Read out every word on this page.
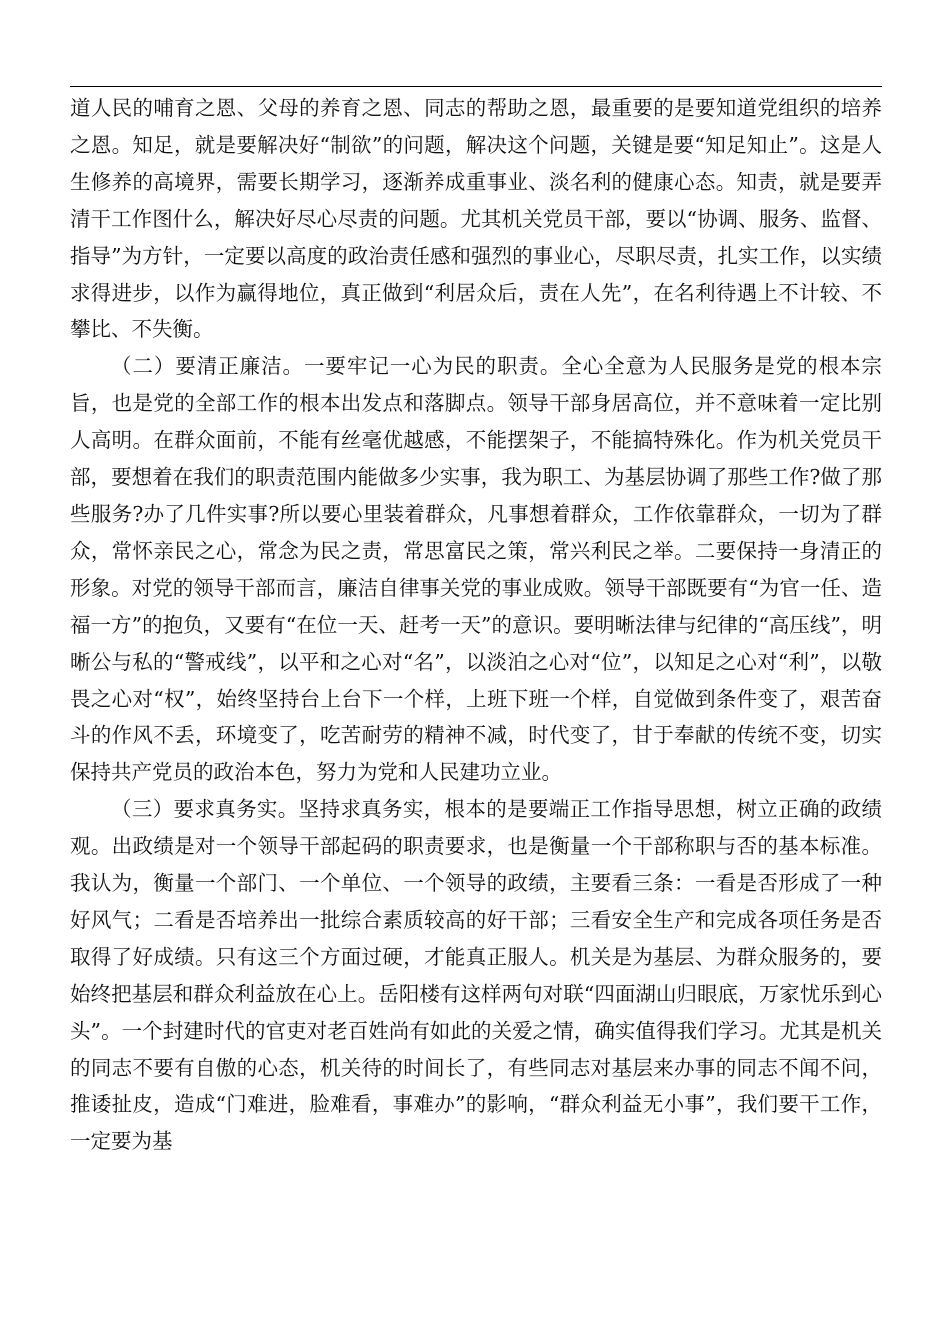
道人民的哺育之恩、父母的养育之恩、同志的帮助之恩，最重要的是要知道党组织的培养之恩。知足，就是要解决好“制欲”的问题，解决这个问题，关键是要“知足知止”。这是人生修养的高境界，需要长期学习，逐渐养成重事业、淡名利的健康心态。知责，就是要弄清干工作图什么，解决好尽心尽责的问题。尤其机关党员干部，要以“协调、服务、监督、指导”为方针，一定要以高度的政治责任感和强烈的事业心，尽职尽责，扎实工作，以实绩求得进步，以作为赢得地位，真正做到“利居众后，责在人先”，在名利待遇上不计较、不攀比、不失衡。

（二）要清正廉洁。一要牢记一心为民的职责。全心全意为人民服务是党的根本宗旨，也是党的全部工作的根本出发点和落脚点。领导干部身居高位，并不意味着一定比别人高明。在群众面前，不能有丝毫优越感，不能摆架子，不能搞特殊化。作为机关党员干部，要想着在我们的职责范围内能做多少实事，我为职工、为基层协调了那些工作?做了那些服务?办了几件实事?所以要心里装着群众，凡事想着群众，工作依靠群众，一切为了群众，常怀亲民之心，常念为民之责，常思富民之策，常兴利民之举。二要保持一身清正的形象。对党的领导干部而言，廉洁自律事关党的事业成败。领导干部既要有“为官一任、造福一方”的抱负，又要有“在位一天、赶考一天”的意识。要明晰法律与纪律的“高压线”，明晰公与私的“警戒线”，以平和之心对“名”，以淡泊之心对“位”，以知足之心对“利”，以敬畏之心对“权”，始终坚持台上台下一个样，上班下班一个样，自觉做到条件变了，艰苦奋斗的作风不丢，环境变了，吃苦耐劳的精神不减，时代变了，甘于奉献的传统不变，切实保持共产党员的政治本色，努力为党和人民建功立业。

（三）要求真务实。坚持求真务实，根本的是要端正工作指导思想，树立正确的政绩观。出政绩是对一个领导干部起码的职责要求，也是衡量一个干部称职与否的基本标准。我认为，衡量一个部门、一个单位、一个领导的政绩，主要看三条：一看是否形成了一种好风气；二看是否培养出一批综合素质较高的好干部；三看安全生产和完成各项任务是否取得了好成绩。只有这三个方面过硬，才能真正服人。机关是为基层、为群众服务的，要始终把基层和群众利益放在心上。岳阳楼有这样两句对联“四面湖山归眼底，万家忧乐到心头”。一个封建时代的官吏对老百姓尚有如此的关爱之情，确实值得我们学习。尤其是机关的同志不要有自傲的心态，机关待的时间长了，有些同志对基层来办事的同志不闻不问，推诿扯皮，造成“门难进，脸难看，事难办”的影响，“群众利益无小事”，我们要干工作，一定要为基
